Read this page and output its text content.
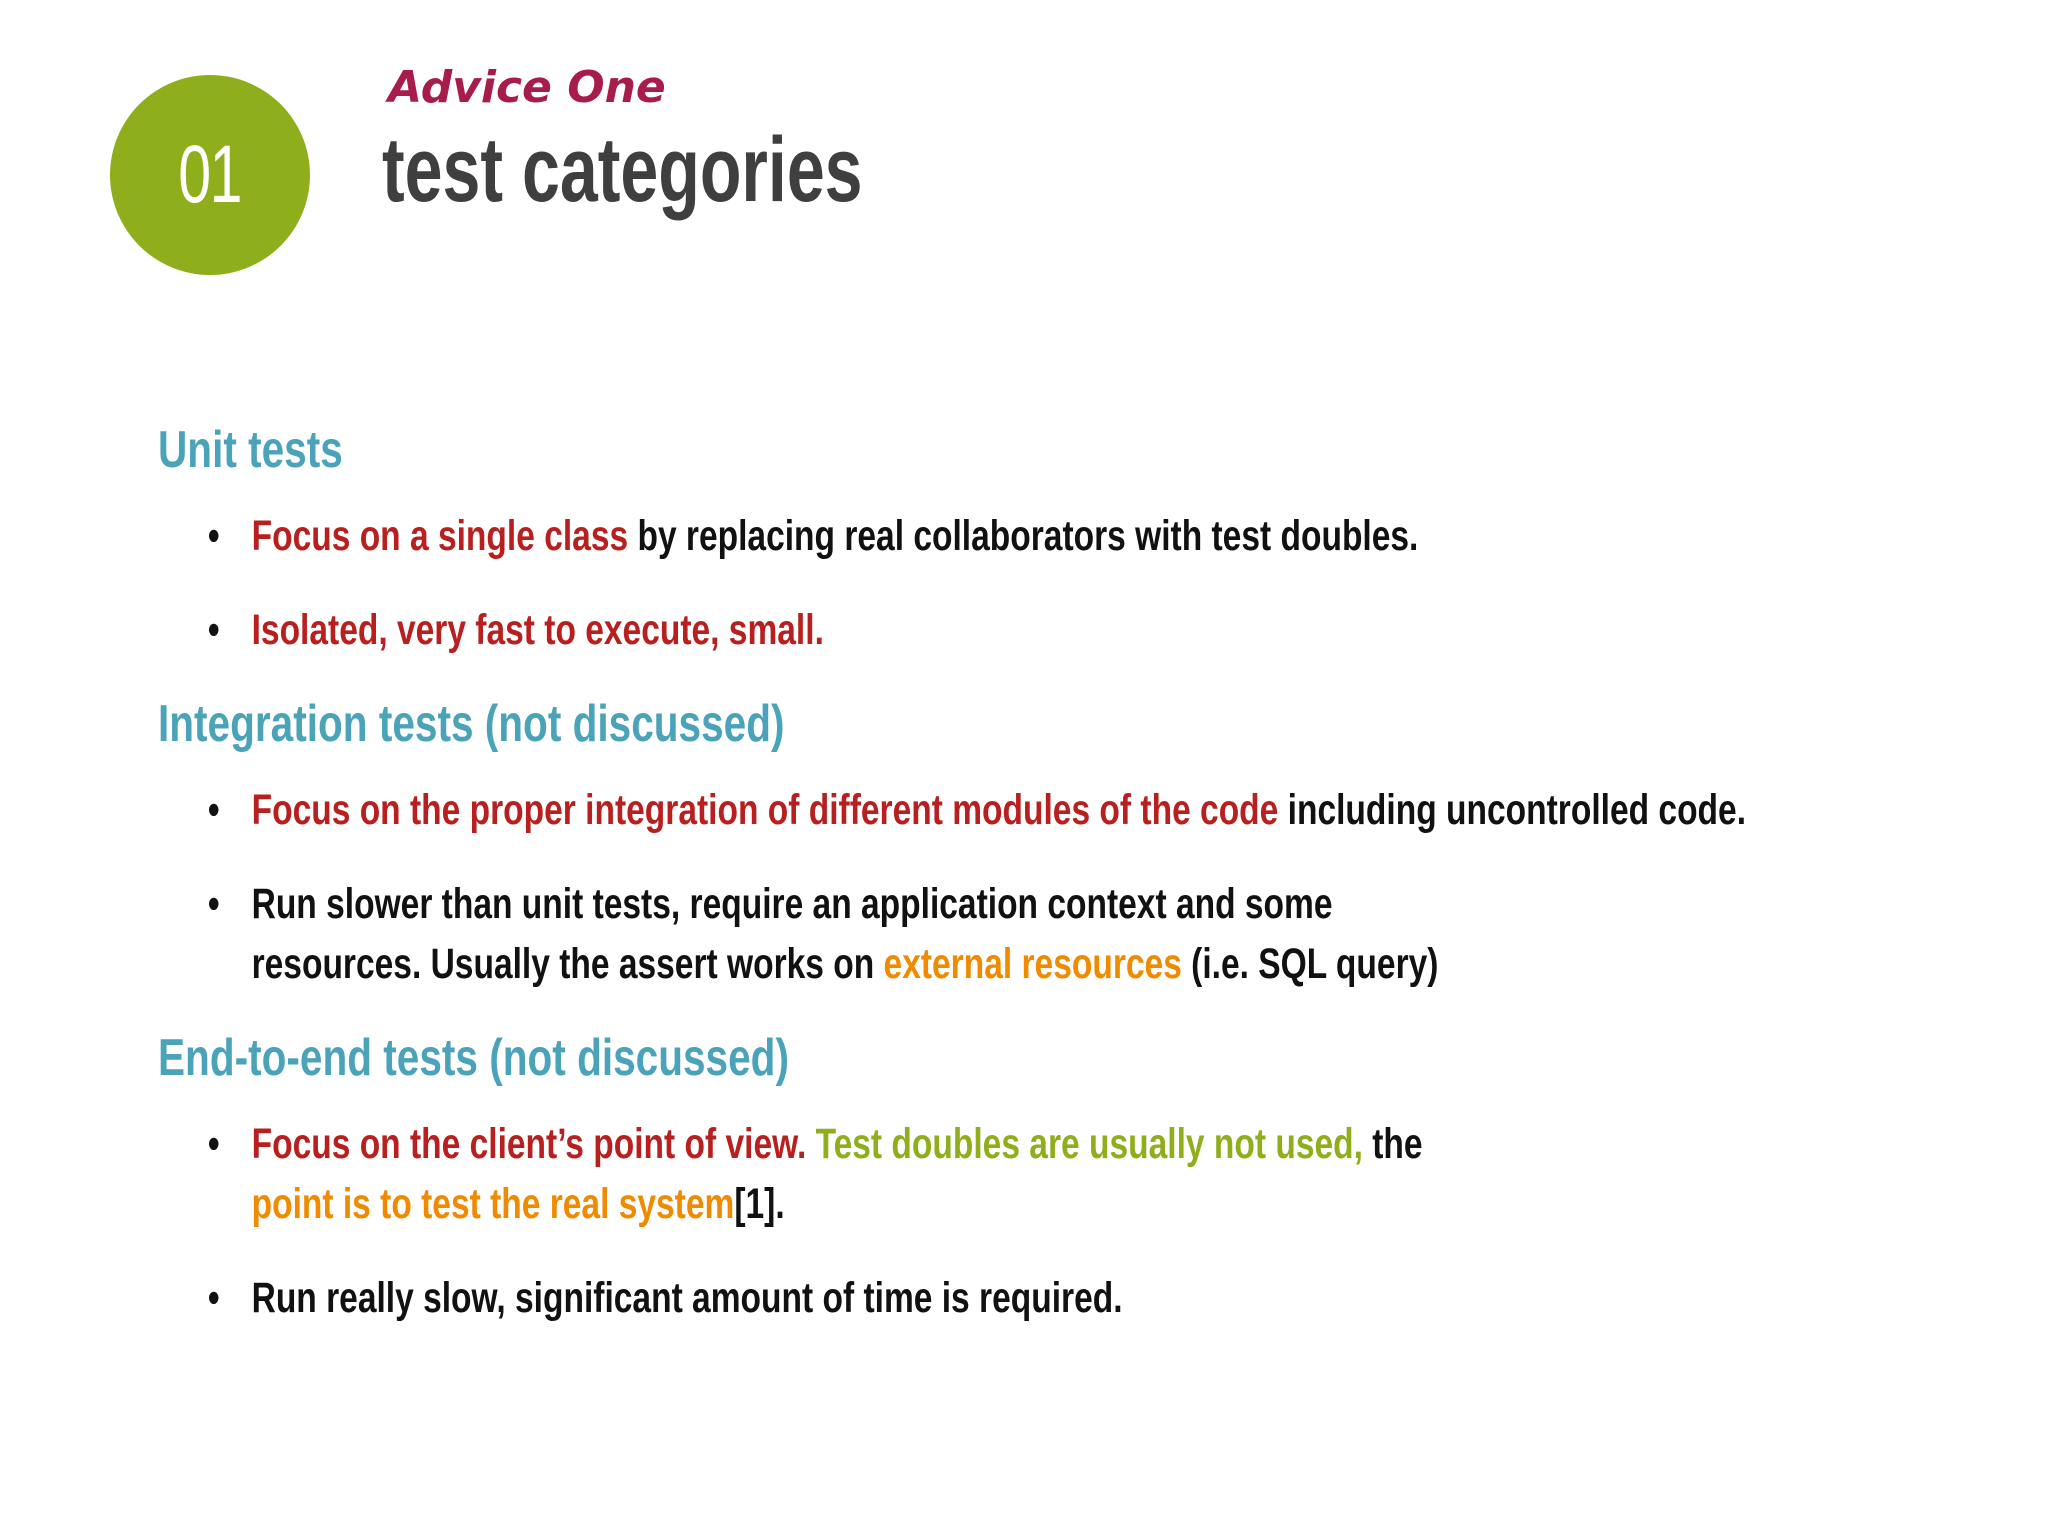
01
Advice One
test categories
Unit tests
• Focus on a single class by replacing real collaborators with test doubles.
• Isolated, very fast to execute, small.
Integration tests (not discussed)
• Focus on the proper integration of different modules of the code including uncontrolled code.
• Run slower than unit tests, require an application context and some resources. Usually the assert works on external resources (i.e. SQL query)
End-to-end tests (not discussed)
• Focus on the client’s point of view. Test doubles are usually not used, the point is to test the real system[1].
• Run really slow, significant amount of time is required.
